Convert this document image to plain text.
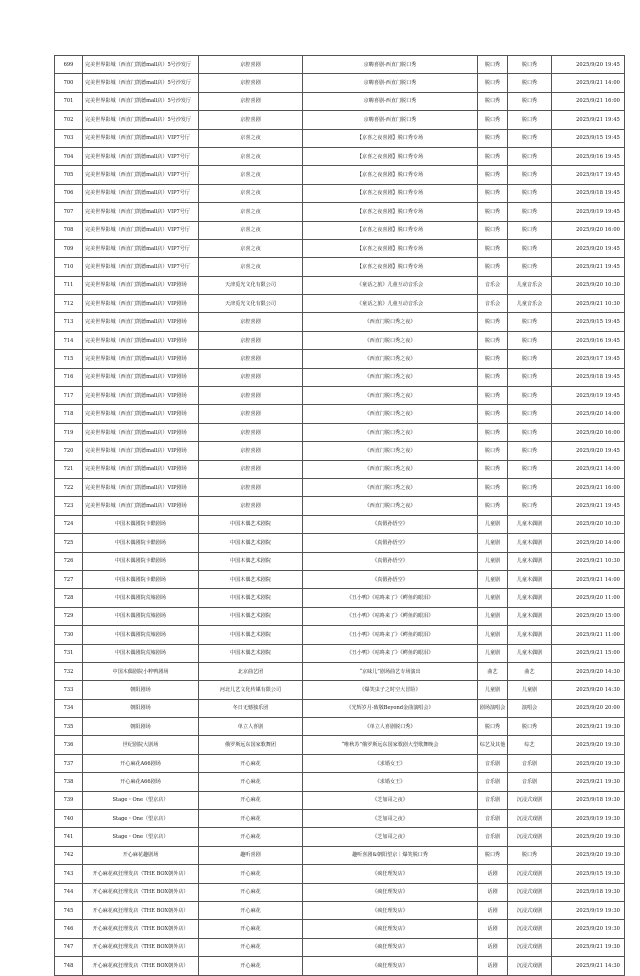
699	完美世界影城（西直门凯德mall店）5号沙发厅	京腔喜剧	京嗨喜剧-西直门脱口秀	脱口秀	脱口秀	2025/9/20 19:45
700	完美世界影城（西直门凯德mall店）5号沙发厅	京腔喜剧	京嗨喜剧-西直门脱口秀	脱口秀	脱口秀	2025/9/21 14:00
701	完美世界影城（西直门凯德mall店）5号沙发厅	京腔喜剧	京嗨喜剧-西直门脱口秀	脱口秀	脱口秀	2025/9/21 16:00
702	完美世界影城（西直门凯德mall店）5号沙发厅	京腔喜剧	京嗨喜剧-西直门脱口秀	脱口秀	脱口秀	2025/9/21 19:45
703	完美世界影城（西直门凯德mall店）VIP7号厅	京喜之夜	【京喜之夜喜剧】脱口秀专场	脱口秀	脱口秀	2025/9/15 19:45
704	完美世界影城（西直门凯德mall店）VIP7号厅	京喜之夜	【京喜之夜喜剧】脱口秀专场	脱口秀	脱口秀	2025/9/16 19:45
705	完美世界影城（西直门凯德mall店）VIP7号厅	京喜之夜	【京喜之夜喜剧】脱口秀专场	脱口秀	脱口秀	2025/9/17 19:45
706	完美世界影城（西直门凯德mall店）VIP7号厅	京喜之夜	【京喜之夜喜剧】脱口秀专场	脱口秀	脱口秀	2025/9/18 19:45
707	完美世界影城（西直门凯德mall店）VIP7号厅	京喜之夜	【京喜之夜喜剧】脱口秀专场	脱口秀	脱口秀	2025/9/19 19:45
708	完美世界影城（西直门凯德mall店）VIP7号厅	京喜之夜	【京喜之夜喜剧】脱口秀专场	脱口秀	脱口秀	2025/9/20 16:00
709	完美世界影城（西直门凯德mall店）VIP7号厅	京喜之夜	【京喜之夜喜剧】脱口秀专场	脱口秀	脱口秀	2025/9/20 19:45
710	完美世界影城（西直门凯德mall店）VIP7号厅	京喜之夜	【京喜之夜喜剧】脱口秀专场	脱口秀	脱口秀	2025/9/21 19:45
711	完美世界影城（西直门凯德mall店）VIP剧场	天津觅光文化有限公司	《童话之旅》儿童互动音乐会	音乐会	儿童音乐会	2025/9/20 10:30
712	完美世界影城（西直门凯德mall店）VIP剧场	天津觅光文化有限公司	《童话之旅》儿童互动音乐会	音乐会	儿童音乐会	2025/9/21 10:30
713	完美世界影城（西直门凯德mall店）VIP剧场	京腔喜剧	《西直门脱口秀之夜》	脱口秀	脱口秀	2025/9/15 19:45
714	完美世界影城（西直门凯德mall店）VIP剧场	京腔喜剧	《西直门脱口秀之夜》	脱口秀	脱口秀	2025/9/16 19:45
715	完美世界影城（西直门凯德mall店）VIP剧场	京腔喜剧	《西直门脱口秀之夜》	脱口秀	脱口秀	2025/9/17 19:45
716	完美世界影城（西直门凯德mall店）VIP剧场	京腔喜剧	《西直门脱口秀之夜》	脱口秀	脱口秀	2025/9/18 19:45
717	完美世界影城（西直门凯德mall店）VIP剧场	京腔喜剧	《西直门脱口秀之夜》	脱口秀	脱口秀	2025/9/19 19:45
718	完美世界影城（西直门凯德mall店）VIP剧场	京腔喜剧	《西直门脱口秀之夜》	脱口秀	脱口秀	2025/9/20 14:00
719	完美世界影城（西直门凯德mall店）VIP剧场	京腔喜剧	《西直门脱口秀之夜》	脱口秀	脱口秀	2025/9/20 16:00
720	完美世界影城（西直门凯德mall店）VIP剧场	京腔喜剧	《西直门脱口秀之夜》	脱口秀	脱口秀	2025/9/20 19:45
721	完美世界影城（西直门凯德mall店）VIP剧场	京腔喜剧	《西直门脱口秀之夜》	脱口秀	脱口秀	2025/9/21 14:00
722	完美世界影城（西直门凯德mall店）VIP剧场	京腔喜剧	《西直门脱口秀之夜》	脱口秀	脱口秀	2025/9/21 16:00
723	完美世界影城（西直门凯德mall店）VIP剧场	京腔喜剧	《西直门脱口秀之夜》	脱口秀	脱口秀	2025/9/21 19:45
724	中国木偶剧院卡酷剧场	中国木偶艺术剧院	《真假孙悟空》	儿童剧	儿童木偶剧	2025/9/20 10:30
725	中国木偶剧院卡酷剧场	中国木偶艺术剧院	《真假孙悟空》	儿童剧	儿童木偶剧	2025/9/20 14:00
726	中国木偶剧院卡酷剧场	中国木偶艺术剧院	《真假孙悟空》	儿童剧	儿童木偶剧	2025/9/21 10:30
727	中国木偶剧院卡酷剧场	中国木偶艺术剧院	《真假孙悟空》	儿童剧	儿童木偶剧	2025/9/21 14:00
728	中国木偶剧院荒墟剧场	中国木偶艺术剧院	《丑小鸭》《咕咚来了》《鳄鱼的眼泪》	儿童剧	儿童木偶剧	2025/9/20 11:00
729	中国木偶剧院荒墟剧场	中国木偶艺术剧院	《丑小鸭》《咕咚来了》《鳄鱼的眼泪》	儿童剧	儿童木偶剧	2025/9/20 15:00
730	中国木偶剧院荒墟剧场	中国木偶艺术剧院	《丑小鸭》《咕咚来了》《鳄鱼的眼泪》	儿童剧	儿童木偶剧	2025/9/21 11:00
731	中国木偶剧院荒墟剧场	中国木偶艺术剧院	《丑小鸭》《咕咚来了》《鳄鱼的眼泪》	儿童剧	儿童木偶剧	2025/9/21 15:00
732	中国木偶剧院小粹鸭剧场	北京曲艺团	“京味儿”剧场曲艺专场演出	曲艺	曲艺	2025/9/20 14:30
733	朝阳剧场	河北儿艺文化传媒有限公司	《爆笑虫子之时空大冒险》	儿童剧	儿童剧	2025/9/20 14:30
734	朝阳剧场	冬日无憾独乐团	《光辉岁月-致敬Beyond金曲演唱会》	剧场演唱会	演唱会	2025/9/20 20:00
735	朝阳剧场	单立人喜剧	《单立人喜剧脱口秀》	脱口秀	脱口秀	2025/9/21 19:30
736	世纪剧院大剧场	俄罗斯远东国家歌舞团	“唯秋苏”俄罗斯远东国家歌剧大型歌舞晚会	综艺及其他	综艺	2025/9/20 19:30
737	开心麻花A66剧场	开心麻花	《求婚女王》	音乐剧	音乐剧	2025/9/20 19:30
738	开心麻花A66剧场	开心麻花	《求婚女王》	音乐剧	音乐剧	2025/9/21 19:30
739	Stage・One（望京店）	开心麻花	《芝加哥之夜》	音乐剧	沉浸式戏剧	2025/9/18 19:30
740	Stage・One（望京店）	开心麻花	《芝加哥之夜》	音乐剧	沉浸式戏剧	2025/9/19 19:30
741	Stage・One（望京店）	开心麻花	《芝加哥之夜》	音乐剧	沉浸式戏剧	2025/9/20 19:30
742	开心麻花趣剧场	趣听喜剧	趣听喜剧&朝阳望京｜爆笑脱口秀	脱口秀	脱口秀	2025/9/20 19:30
743	开心麻花疯狂理发店（THE BOX朝外店）	开心麻花	《疯狂理发店》	话剧	沉浸式戏剧	2025/9/15 19:30
744	开心麻花疯狂理发店（THE BOX朝外店）	开心麻花	《疯狂理发店》	话剧	沉浸式戏剧	2025/9/18 19:30
745	开心麻花疯狂理发店（THE BOX朝外店）	开心麻花	《疯狂理发店》	话剧	沉浸式戏剧	2025/9/19 19:30
746	开心麻花疯狂理发店（THE BOX朝外店）	开心麻花	《疯狂理发店》	话剧	沉浸式戏剧	2025/9/20 19:30
747	开心麻花疯狂理发店（THE BOX朝外店）	开心麻花	《疯狂理发店》	话剧	沉浸式戏剧	2025/9/21 19:30
748	开心麻花疯狂理发店（THE BOX朝外店）	开心麻花	《疯狂理发店》	话剧	沉浸式戏剧	2025/9/21 14:30
